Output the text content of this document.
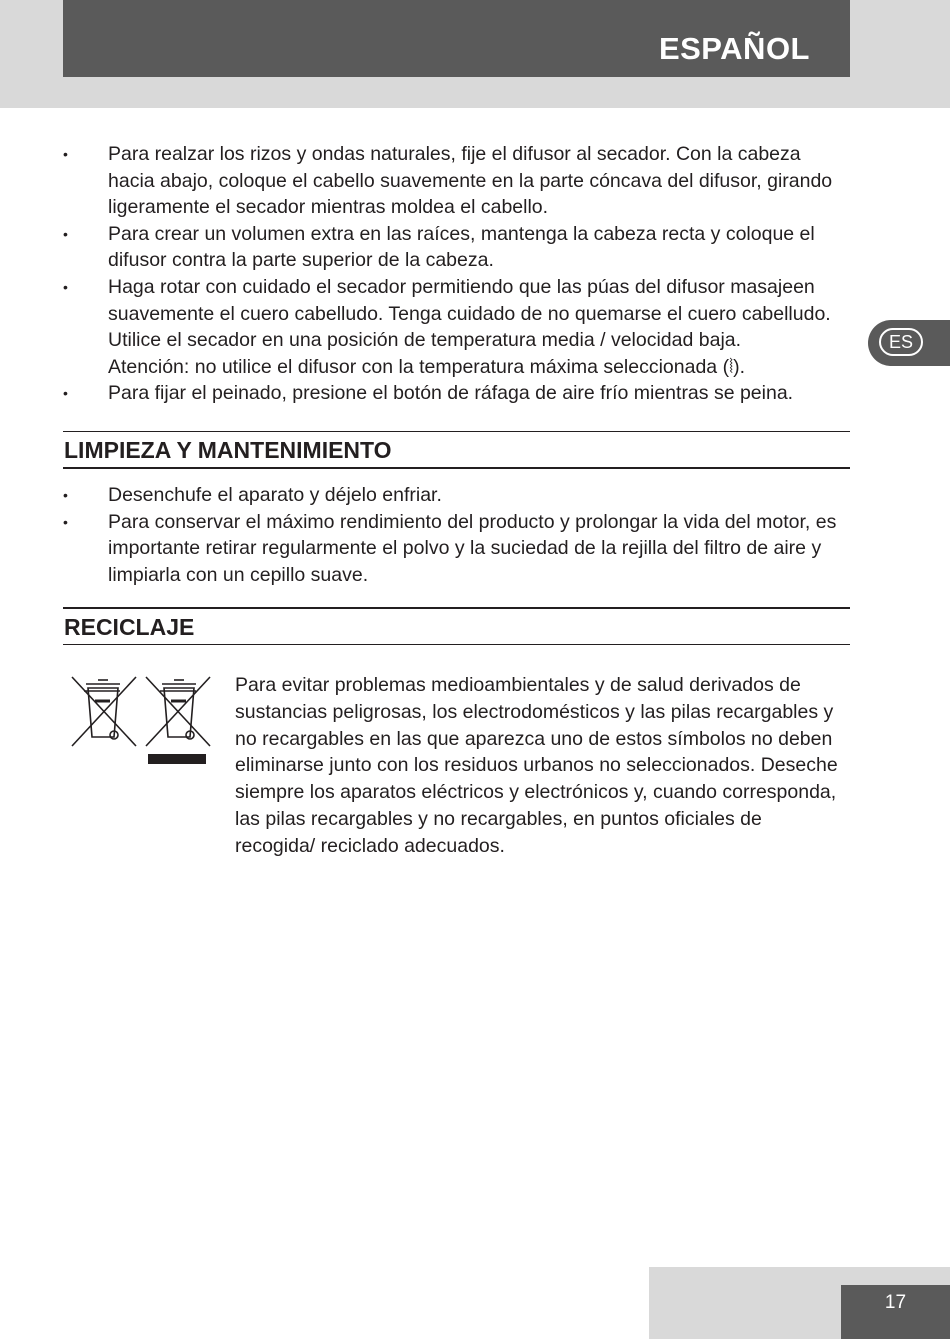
ESPAÑOL
ES
• Para realzar los rizos y ondas naturales, fije el difusor al secador. Con la cabeza hacia abajo, coloque el cabello suavemente en la parte cóncava del difusor, girando ligeramente el secador mientras moldea el cabello.

• Para crear un volumen extra en las raíces, mantenga la cabeza recta y coloque el difusor contra la parte superior de la cabeza.

• Haga rotar con cuidado el secador permitiendo que las púas del difusor masajeen suavemente el cuero cabelludo. Tenga cuidado de no quemarse el cuero cabelludo.

Utilice el secador en una posición de temperatura media / velocidad baja.

Atención: no utilice el difusor con la temperatura máxima seleccionada (⦚).

• Para fijar el peinado, presione el botón de ráfaga de aire frío mientras se peina.

LIMPIEZA Y MANTENIMIENTO
• Desenchufe el aparato y déjelo enfriar.

• Para conservar el máximo rendimiento del producto y prolongar la vida del motor, es importante retirar regularmente el polvo y la suciedad de la rejilla del filtro de aire y limpiarla con un cepillo suave.

RECICLAJE

Para evitar problemas medioambientales y de salud derivados de sustancias peligrosas, los electrodomésticos y las pilas recargables y no recargables en las que aparezca uno de estos símbolos no deben eliminarse junto con los residuos urbanos no seleccionados. Deseche siempre los aparatos eléctricos y electrónicos y, cuando corresponda, las pilas recargables y no recargables, en puntos oficiales de recogida/ reciclado adecuados.

17
